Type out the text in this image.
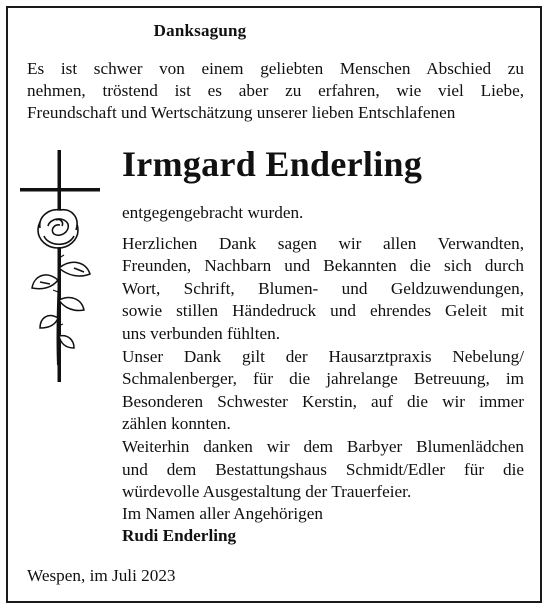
Danksagung
Es ist schwer von einem geliebten Menschen Abschied zu
nehmen, tröstend ist es aber zu erfahren, wie viel Liebe,
Freundschaft und Wertschätzung unserer lieben Entschlafenen
Irmgard Enderling
entgegengebracht wurden.
Herzlichen Dank sagen wir allen Verwandten,
Freunden, Nachbarn und Bekannten die sich durch
Wort, Schrift, Blumen- und Geldzuwendungen,
sowie stillen Händedruck und ehrendes Geleit mit
uns verbunden fühlten.
Unser Dank gilt der Hausarztpraxis Nebelung/
Schmalenberger, für die jahrelange Betreuung, im
Besonderen Schwester Kerstin, auf die wir immer
zählen konnten.
Weiterhin danken wir dem Barbyer Blumenlädchen
und dem Bestattungshaus Schmidt/Edler für die
würdevolle Ausgestaltung der Trauerfeier.
Im Namen aller Angehörigen
Rudi Enderling
Wespen, im Juli 2023
